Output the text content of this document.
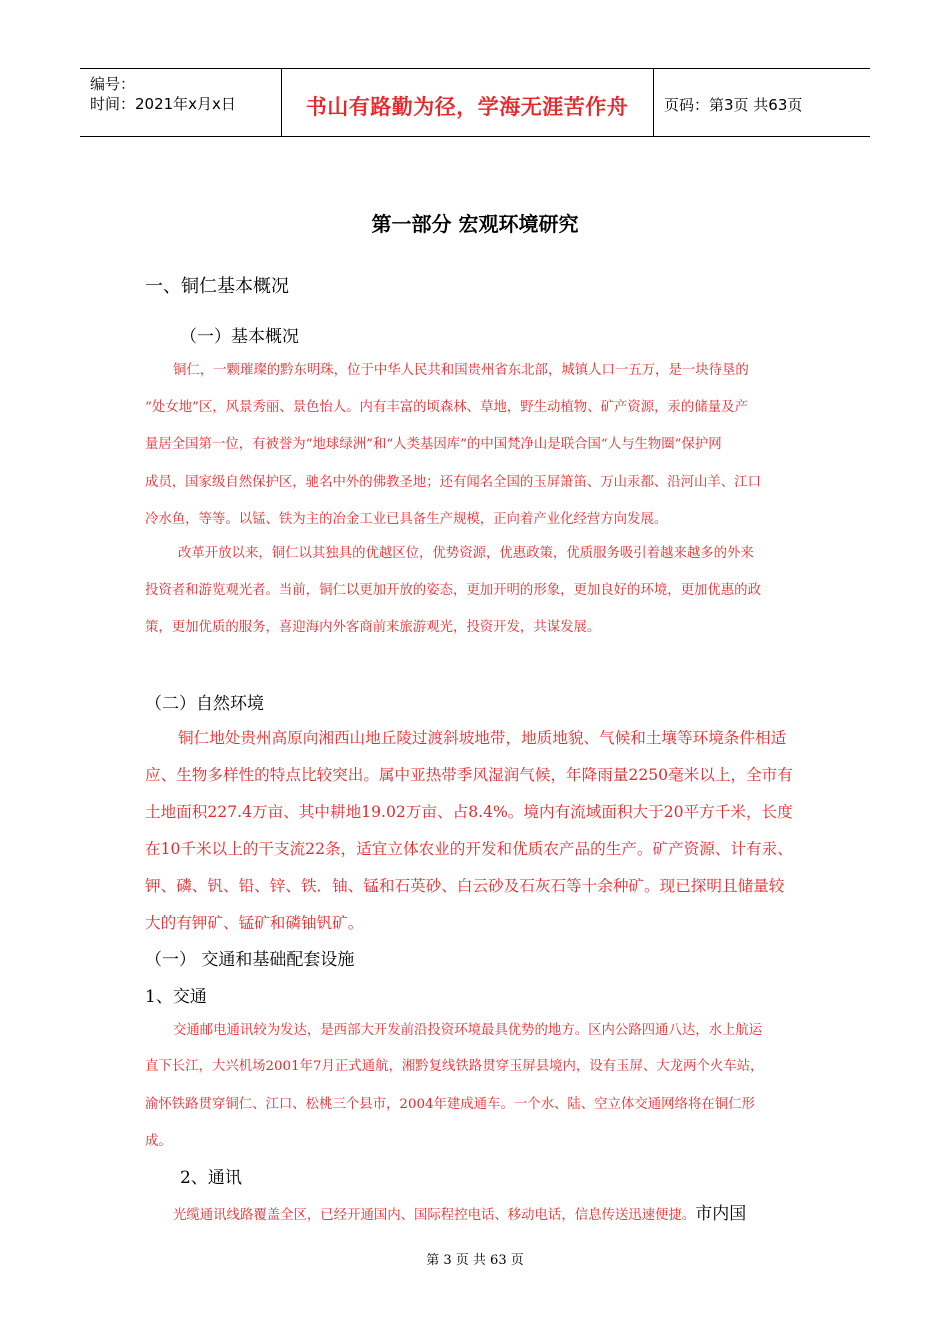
编号：
时间：2021年x月x日	书山有路勤为径，学海无涯苦作舟	页码：第3页 共63页
第一部分 宏观环境研究
一、铜仁基本概况
（一）基本概况
铜仁，一颗璀璨的黔东明珠，位于中华人民共和国贵州省东北部，城镇人口一五万，是一块待垦的
“处女地”区，风景秀丽、景色怡人。内有丰富的顷森林、草地，野生动植物、矿产资源，汞的储量及产
量居全国第一位，有被誉为“地球绿洲”和“人类基因库”的中国梵净山是联合国“人与生物圈”保护网
成员，国家级自然保护区，驰名中外的佛教圣地；还有闻名全国的玉屏箫笛、万山汞都、沿河山羊、江口
冷水鱼，等等。以锰、铁为主的冶金工业已具备生产规模，正向着产业化经营方向发展。
改革开放以来，铜仁以其独具的优越区位，优势资源，优惠政策，优质服务吸引着越来越多的外来
投资者和游览观光者。当前，铜仁以更加开放的姿态，更加开明的形象，更加良好的环境，更加优惠的政
策，更加优质的服务，喜迎海内外客商前来旅游观光，投资开发，共谋发展。
（二）自然环境
铜仁地处贵州高原向湘西山地丘陵过渡斜坡地带，地质地貌、气候和土壤等环境条件相适
应、生物多样性的特点比较突出。属中亚热带季风湿润气候，年降雨量2250毫米以上，全市有
土地面积227.4万亩、其中耕地19.02万亩、占8.4%。境内有流域面积大于20平方千米，长度
在10千米以上的干支流22条，适宜立体农业的开发和优质农产品的生产。矿产资源、计有汞、
钾、磷、钒、铅、锌、铁．铀、锰和石英砂、白云砂及石灰石等十余种矿。现已探明且储量较
大的有钾矿、锰矿和磷铀钒矿。
（一） 交通和基础配套设施
1、交通
交通邮电通讯较为发达，是西部大开发前沿投资环境最具优势的地方。区内公路四通八达，水上航运
直下长江，大兴机场2001年7月正式通航，湘黔复线铁路贯穿玉屏县境内，设有玉屏、大龙两个火车站，
渝怀铁路贯穿铜仁、江口、松桃三个县市，2004年建成通车。一个水、陆、空立体交通网络将在铜仁形
成。
2、通讯
光缆通讯线路覆盖全区，已经开通国内、国际程控电话、移动电话，信息传送迅速便捷。市内国
第 3 页 共 63 页
